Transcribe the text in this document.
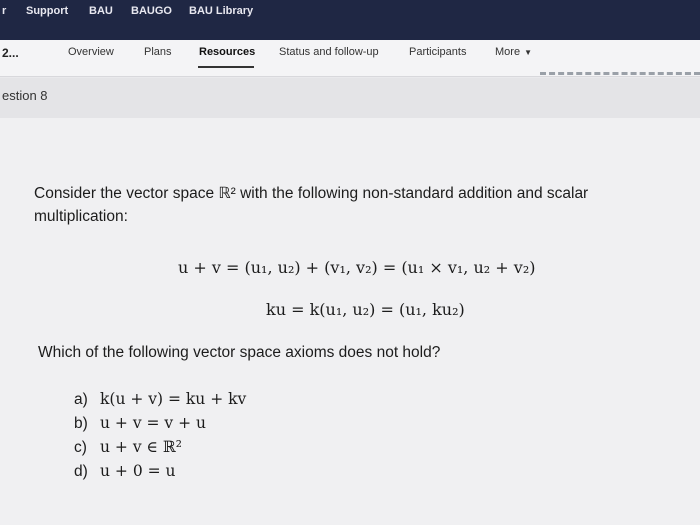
r Support BAU BAUGO BAU Library
2...	Overview	Plans Resources Status and follow-up	Participants	More ▼
estion 8
Consider the vector space ℝ² with the following non-standard addition and scalar
multiplication:
u + v = (u₁, u₂) + (v₁, v₂) = (u₁ × v₁, u₂ + v₂)
ku = k(u₁, u₂) = (u₁, ku₂)
Which of the following vector space axioms does not hold?
a) k(u + v) = ku + kv
b) u + v = v + u
c) u + v ∈ ℝ²
d) u + 0 = u
